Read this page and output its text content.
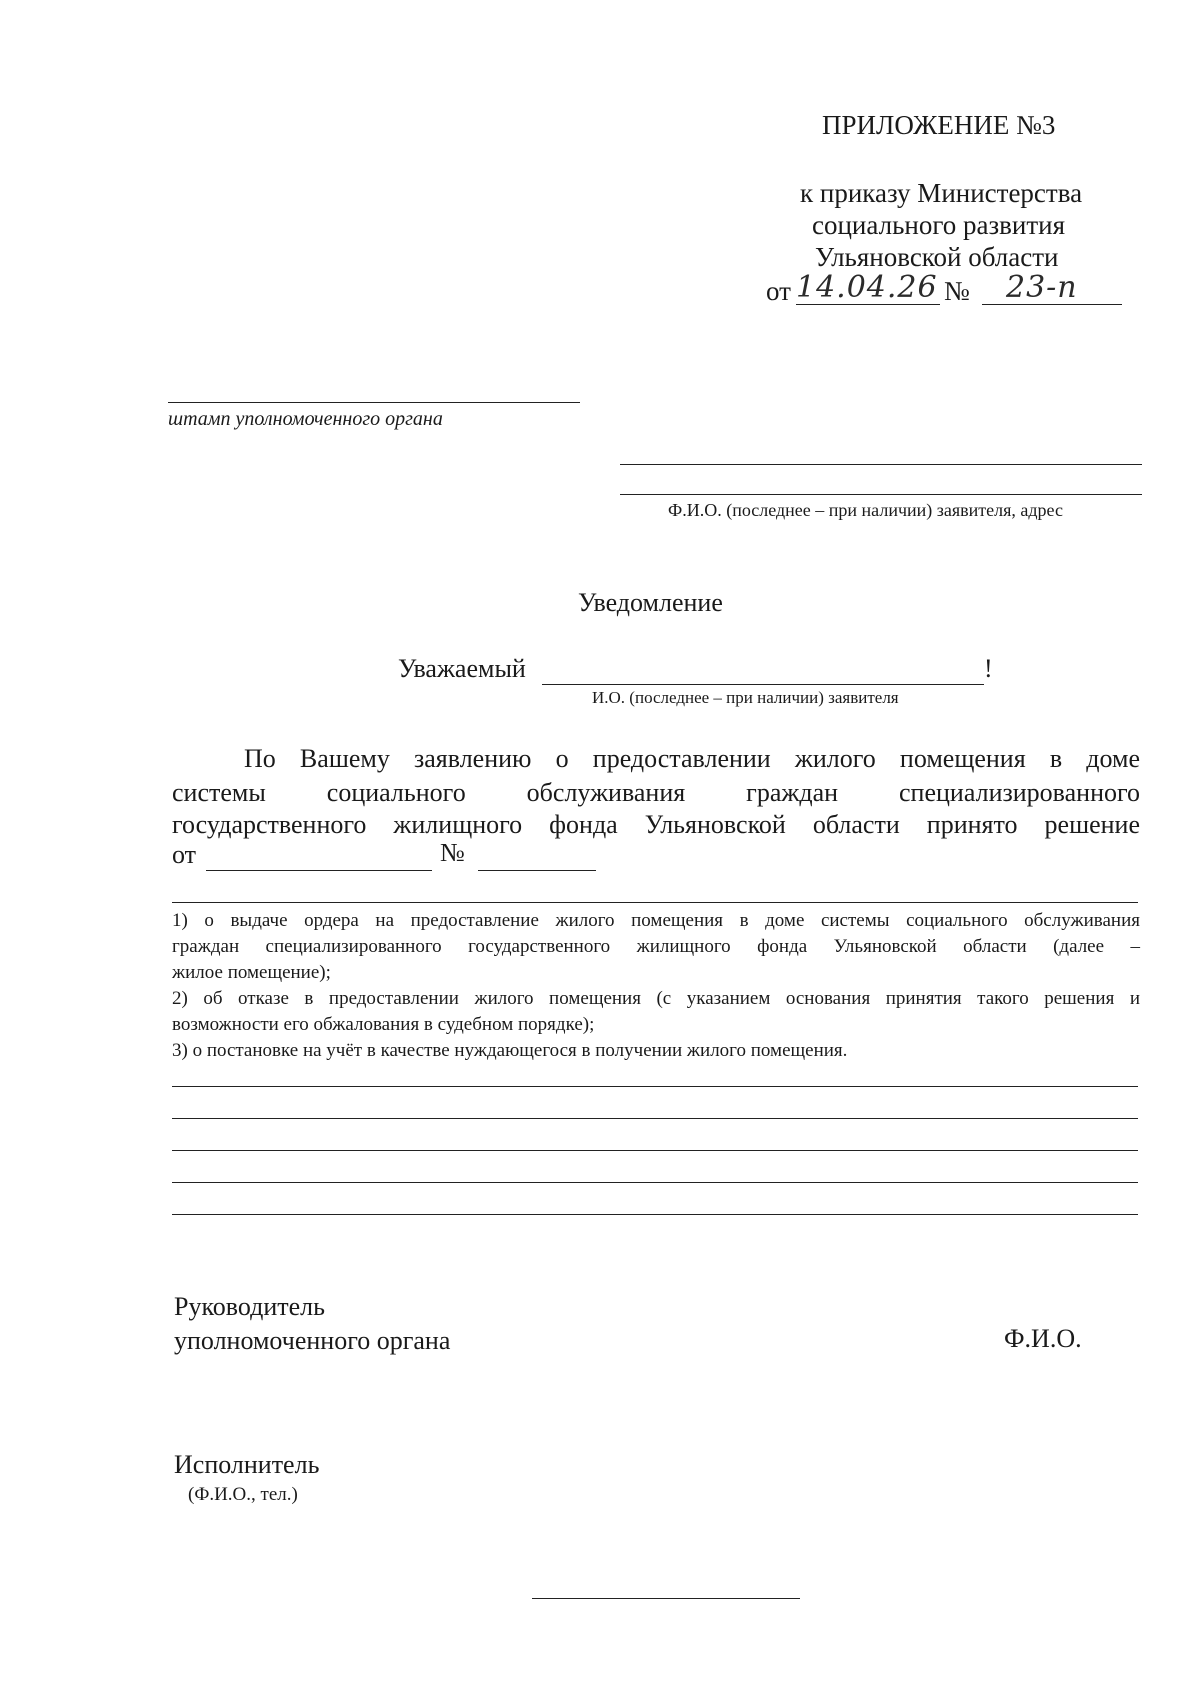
ПРИЛОЖЕНИЕ №3
к приказу Министерства
социального развития
Ульяновской области
от 14.04.26 № 23-п
штамп уполномоченного органа
Ф.И.О. (последнее – при наличии) заявителя, адрес
Уведомление
Уважаемый	!
И.О. (последнее – при наличии) заявителя
По Вашему заявлению о предоставлении жилого помещения в доме
системы социального обслуживания граждан специализированного
государственного жилищного фонда Ульяновской области принято решение
от	№
1) о выдаче ордера на предоставление жилого помещения в доме системы социального обслуживания
граждан специализированного государственного жилищного фонда Ульяновской области (далее –
жилое помещение);
2) об отказе в предоставлении жилого помещения (с указанием основания принятия такого решения и
возможности его обжалования в судебном порядке);
3) о постановке на учёт в качестве нуждающегося в получении жилого помещения.
Руководитель
уполномоченного органа	Ф.И.О.
Исполнитель
(Ф.И.О., тел.)
